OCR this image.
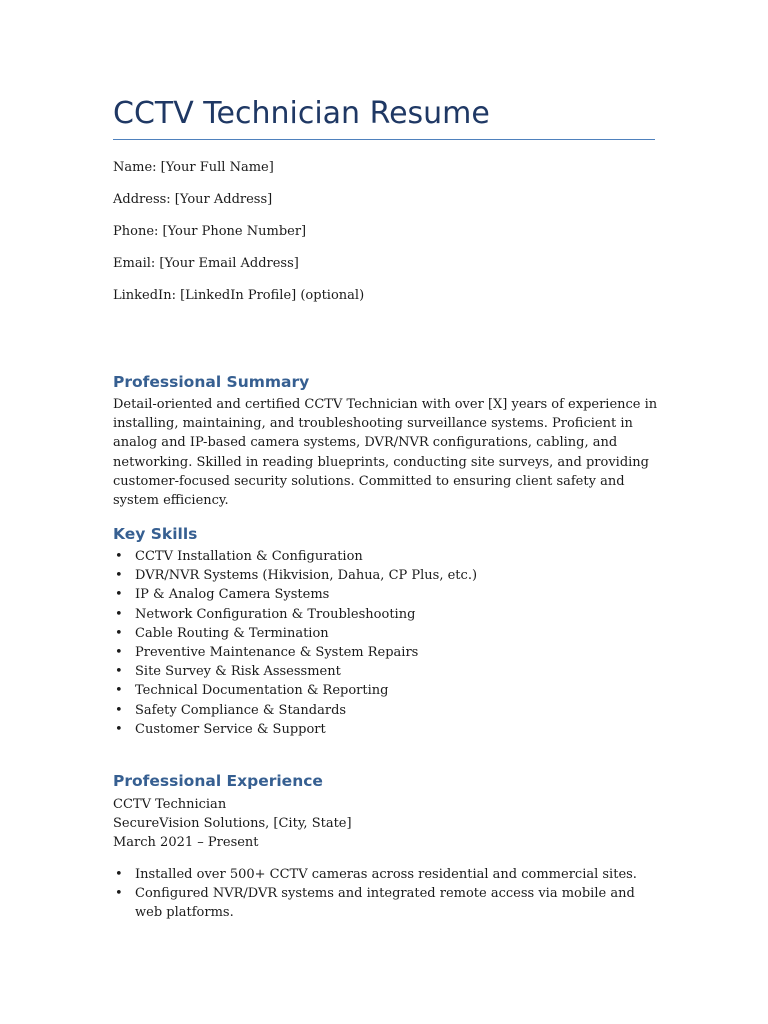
CCTV Technician Resume
Name: [Your Full Name]
Address: [Your Address]
Phone: [Your Phone Number]
Email: [Your Email Address]
LinkedIn: [LinkedIn Profile] (optional)
Professional Summary

Detail-oriented and certified CCTV Technician with over [X] years of experience in installing, maintaining, and troubleshooting surveillance systems. Proficient in analog and IP-based camera systems, DVR/NVR configurations, cabling, and networking. Skilled in reading blueprints, conducting site surveys, and providing customer-focused security solutions. Committed to ensuring client safety and system efficiency.

Key Skills
• CCTV Installation & Configuration
• DVR/NVR Systems (Hikvision, Dahua, CP Plus, etc.)
• IP & Analog Camera Systems
• Network Configuration & Troubleshooting
• Cable Routing & Termination
• Preventive Maintenance & System Repairs
• Site Survey & Risk Assessment
• Technical Documentation & Reporting
• Safety Compliance & Standards
• Customer Service & Support
Professional Experience
CCTV Technician
SecureVision Solutions, [City, State]
March 2021 – Present
• Installed over 500+ CCTV cameras across residential and commercial sites.
• Configured NVR/DVR systems and integrated remote access via mobile and web platforms.
